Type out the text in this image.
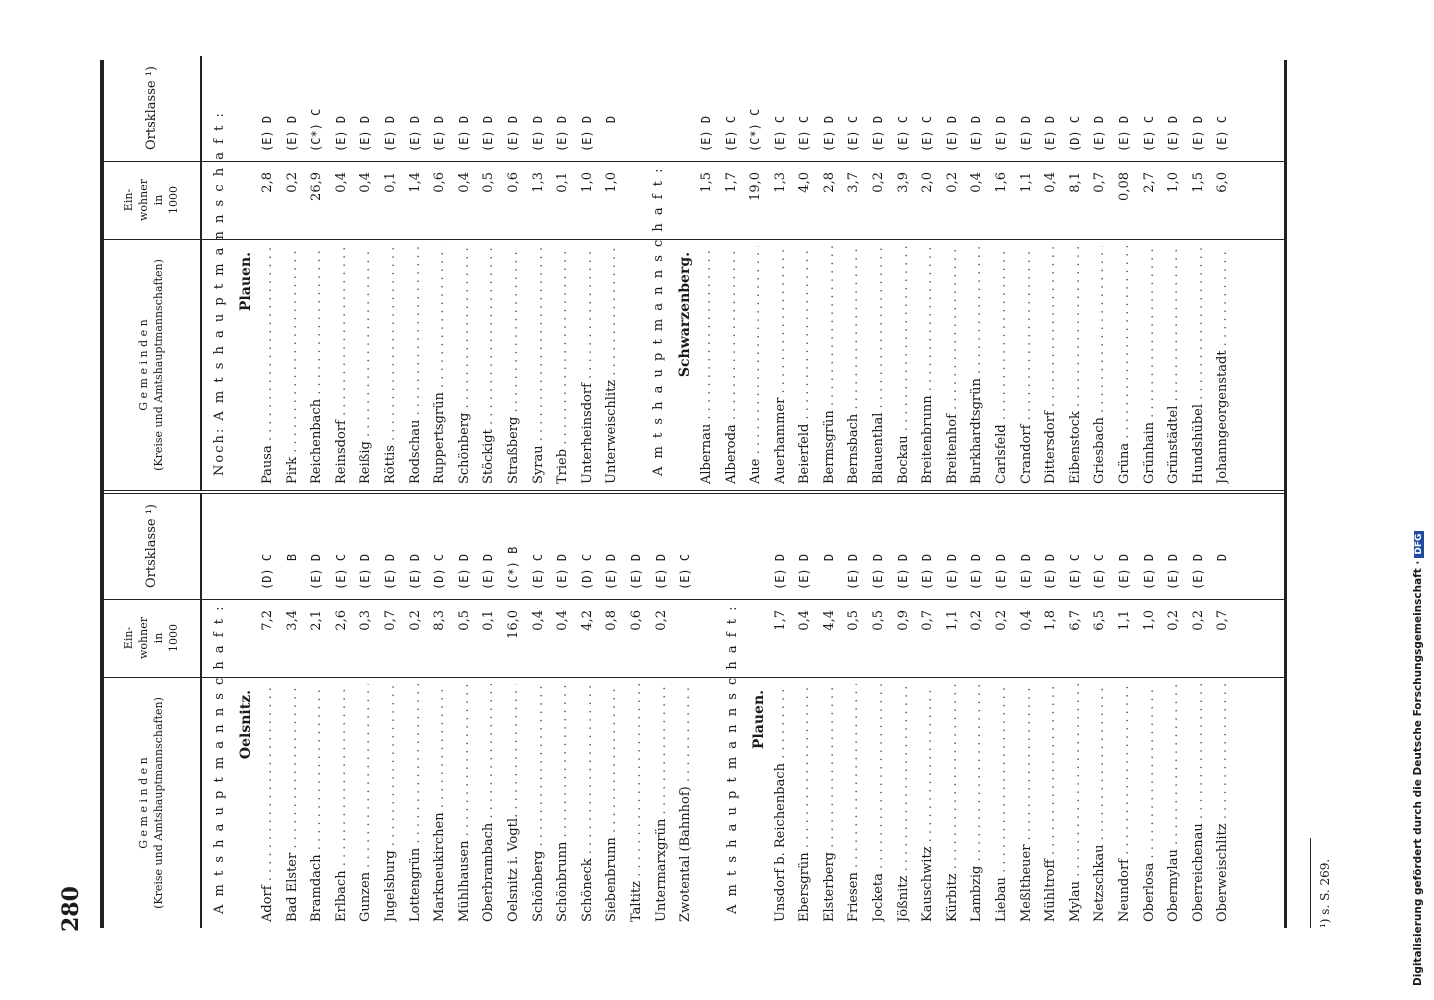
280
G e m e i n d e n (Kreise und Amtshauptmannschaften)
Ein- wohner in 1000
Ortsklasse ¹)
A m t s h a u p t m a n n s c h a f t : Oelsnitz.
Adorf . . .
7,2
(D) C
Bad Elster . . .
3,4
B
Bramdach . . .
2,1
(E) D
Erlbach . . .
2,6
(E) C
Gunzen . . .
0,3
(E) D
Jugelsburg . . .
0,7
(E) D
Lottengrün . . .
0,2
(E) D
Markneukirchen . . .
8,3
(D) C
Mühlhausen . . .
0,5
(E) D
Oberbrambach . . .
0,1
(E) D
Oelsnitz i. Vogtl. . . .
16,0
(C*) B
Schönberg . . .
0,4
(E) C
Schönbrunn . . .
0,4
(E) D
Schöneck . . .
4,2
(D) C
Siebenbrunn . . .
0,8
(E) D
Taltitz . . .
0,6
(E) D
Untermarxgrün . . .
0,2
(E) D
Zwotental (Bahnhof) . . .
(E) C
A m t s h a u p t m a n n s c h a f t : Plauen.
Unsdorf b. Reichenbach . . .
1,7
(E) D
Ebersgrün . . .
0,4
(E) D
Elsterberg . . .
4,4
D
Friesen . . .
0,5
(E) D
Jocketa . . .
0,5
(E) D
Jößnitz . . .
0,9
(E) D
Kauschwitz . . .
0,7
(E) D
Kürbitz . . .
1,1
(E) D
Lambzig . . .
0,2
(E) D
Liebau . . .
0,2
(E) D
Meßltheuer . . .
0,4
(E) D
Mühltroff . . .
1,8
(E) D
Mylau . . .
6,7
(E) C
Netzschkau . . .
6,5
(E) C
Neundorf . . .
1,1
(E) D
Oberlosa . . .
1,0
(E) D
Obermylau . . .
0,2
(E) D
Oberreichenau . . .
0,2
(E) D
Oberweischlitz . . .
0,7
D
G e m e i n d e n (Kreise und Amtshauptmannschaften)
Ein- wohner in 1000
Ortsklasse ¹)
Noch: A m t s h a u p t m a n n s c h a f t : Plauen.
Pausa . . .
2,8
(E) D
Pirk . . .
0,2
(E) D
Reichenbach . . .
26,9
(C*) C
Reinsdorf . . .
0,4
(E) D
Reißig . . .
0,4
(E) D
Röttis . . .
0,1
(E) D
Rodschau . . .
1,4
(E) D
Ruppertsgrün . . .
0,6
(E) D
Schönberg . . .
0,4
(E) D
Stöckigt . . .
0,5
(E) D
Straßberg . . .
0,6
(E) D
Syrau . . .
1,3
(E) D
Trieb . . .
0,1
(E) D
Unterheinsdorf . . .
1,0
(E) D
Unterweischlitz . . .
1,0
D
A m t s h a u p t m a n n s c h a f t : Schwarzenberg.
Albernau . . .
1,5
(E) D
Alberoda . . .
1,7
(E) C
Aue . . .
19,0
(C*) C
Auerhammer . . .
1,3
(E) C
Beierfeld . . .
4,0
(E) C
Bermsgrün . . .
2,8
(E) D
Bernsbach . . .
3,7
(E) C
Blauenthal . . .
0,2
(E) D
Bockau . . .
3,9
(E) C
Breitenbrunn . . .
2,0
(E) C
Breitenhof . . .
0,2
(E) D
Burkhardtsgrün . . .
0,4
(E) D
Carlsfeld . . .
1,6
(E) D
Crandorf . . .
1,1
(E) D
Dittersdorf . . .
0,4
(E) D
Eibenstock . . .
8,1
(D) C
Griesbach . . .
0,7
(E) D
Grüna . . .
0,08
(E) D
Grünhain . . .
2,7
(E) C
Grünstädtel . . .
1,0
(E) D
Hundshübel . . .
1,5
(E) D
Johanngeorgenstadt . . .
6,0
(E) C
¹) s. S. 269.	Digitalisierung gefördert durch die Deutsche Forschungsgemeinschaft ·DFG
